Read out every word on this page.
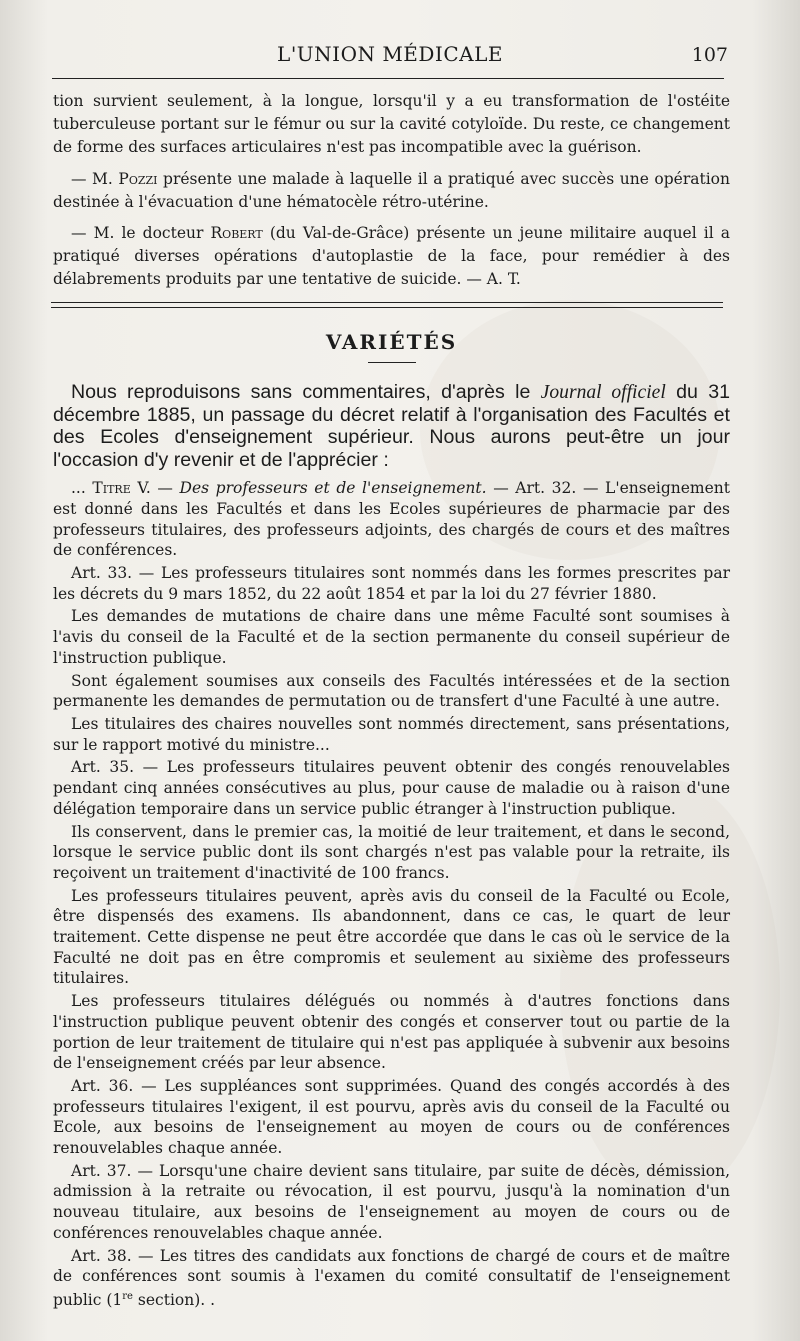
L'UNION MÉDICALE	107

tion survient seulement, à la longue, lorsqu'il y a eu transformation de l'ostéite tuberculeuse portant sur le fémur ou sur la cavité cotyloïde. Du reste, ce changement de forme des surfaces articulaires n'est pas incompatible avec la guérison.

— M. Pozzi présente une malade à laquelle il a pratiqué avec succès une opération destinée à l'évacuation d'une hématocèle rétro-utérine.

— M. le docteur Robert (du Val-de-Grâce) présente un jeune militaire auquel il a pratiqué diverses opérations d'autoplastie de la face, pour remédier à des délabrements produits par une tentative de suicide. — A. T.

VARIÉTÉS

Nous reproduisons sans commentaires, d'après le Journal officiel du 31 décembre 1885, un passage du décret relatif à l'organisation des Facultés et des Ecoles d'enseignement supérieur. Nous aurons peut-être un jour l'occasion d'y revenir et de l'apprécier :

... Titre V. — Des professeurs et de l'enseignement. — Art. 32. — L'enseignement est donné dans les Facultés et dans les Ecoles supérieures de pharmacie par des professeurs titulaires, des professeurs adjoints, des chargés de cours et des maîtres de conférences.

Art. 33. — Les professeurs titulaires sont nommés dans les formes prescrites par les décrets du 9 mars 1852, du 22 août 1854 et par la loi du 27 février 1880.

Les demandes de mutations de chaire dans une même Faculté sont soumises à l'avis du conseil de la Faculté et de la section permanente du conseil supérieur de l'instruction publique.

Sont également soumises aux conseils des Facultés intéressées et de la section permanente les demandes de permutation ou de transfert d'une Faculté à une autre.

Les titulaires des chaires nouvelles sont nommés directement, sans présentations, sur le rapport motivé du ministre...

Art. 35. — Les professeurs titulaires peuvent obtenir des congés renouvelables pendant cinq années consécutives au plus, pour cause de maladie ou à raison d'une délégation temporaire dans un service public étranger à l'instruction publique.

Ils conservent, dans le premier cas, la moitié de leur traitement, et dans le second, lorsque le service public dont ils sont chargés n'est pas valable pour la retraite, ils reçoivent un traitement d'inactivité de 100 francs.

Les professeurs titulaires peuvent, après avis du conseil de la Faculté ou Ecole, être dispensés des examens. Ils abandonnent, dans ce cas, le quart de leur traitement. Cette dispense ne peut être accordée que dans le cas où le service de la Faculté ne doit pas en être compromis et seulement au sixième des professeurs titulaires.

Les professeurs titulaires délégués ou nommés à d'autres fonctions dans l'instruction publique peuvent obtenir des congés et conserver tout ou partie de la portion de leur traitement de titulaire qui n'est pas appliquée à subvenir aux besoins de l'enseignement créés par leur absence.

Art. 36. — Les suppléances sont supprimées. Quand des congés accordés à des professeurs titulaires l'exigent, il est pourvu, après avis du conseil de la Faculté ou Ecole, aux besoins de l'enseignement au moyen de cours ou de conférences renouvelables chaque année.

Art. 37. — Lorsqu'une chaire devient sans titulaire, par suite de décès, démission, admission à la retraite ou révocation, il est pourvu, jusqu'à la nomination d'un nouveau titulaire, aux besoins de l'enseignement au moyen de cours ou de conférences renouvelables chaque année.

Art. 38. — Les titres des candidats aux fonctions de chargé de cours et de maître de conférences sont soumis à l'examen du comité consultatif de l'enseignement public (1re section). .
